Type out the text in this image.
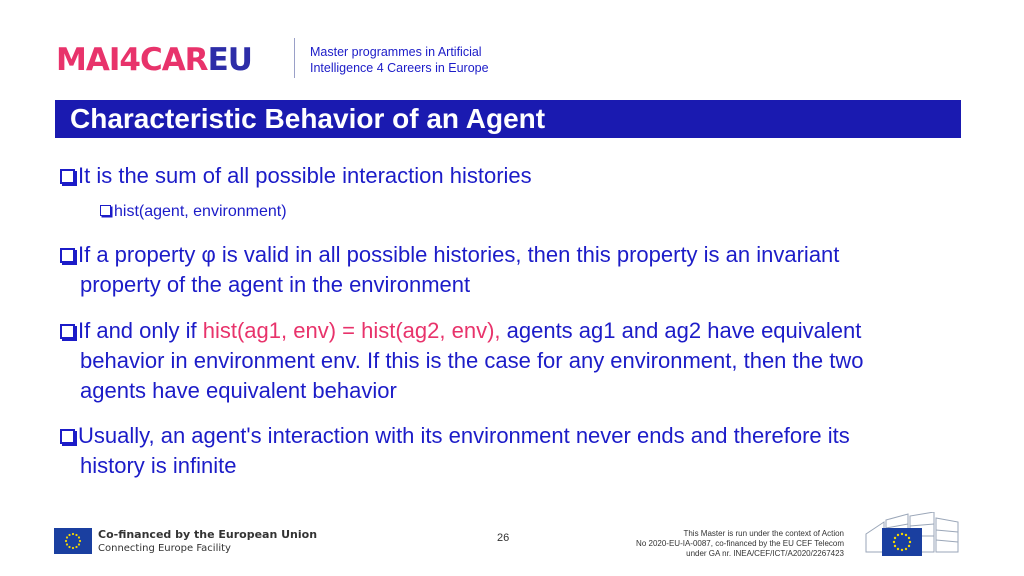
MAI4CAREU	Master programmes in Artificial
Intelligence 4 Careers in Europe
Characteristic Behavior of an Agent
It is the sum of all possible interaction histories
hist(agent, environment)
If a property φ is valid in all possible histories, then this property is an invariant
property of the agent in the environment
If and only if hist(ag1, env) = hist(ag2, env), agents ag1 and ag2 have equivalent
behavior in environment env. If this is the case for any environment, then the two
agents have equivalent behavior
Usually, an agent's interaction with its environment never ends and therefore its
history is infinite
Co-financed by the European Union
Connecting Europe Facility
26	This Master is run under the context of Action
No 2020-EU-IA-0087, co-financed by the EU CEF Telecom
under GA nr. INEA/CEF/ICT/A2020/2267423
